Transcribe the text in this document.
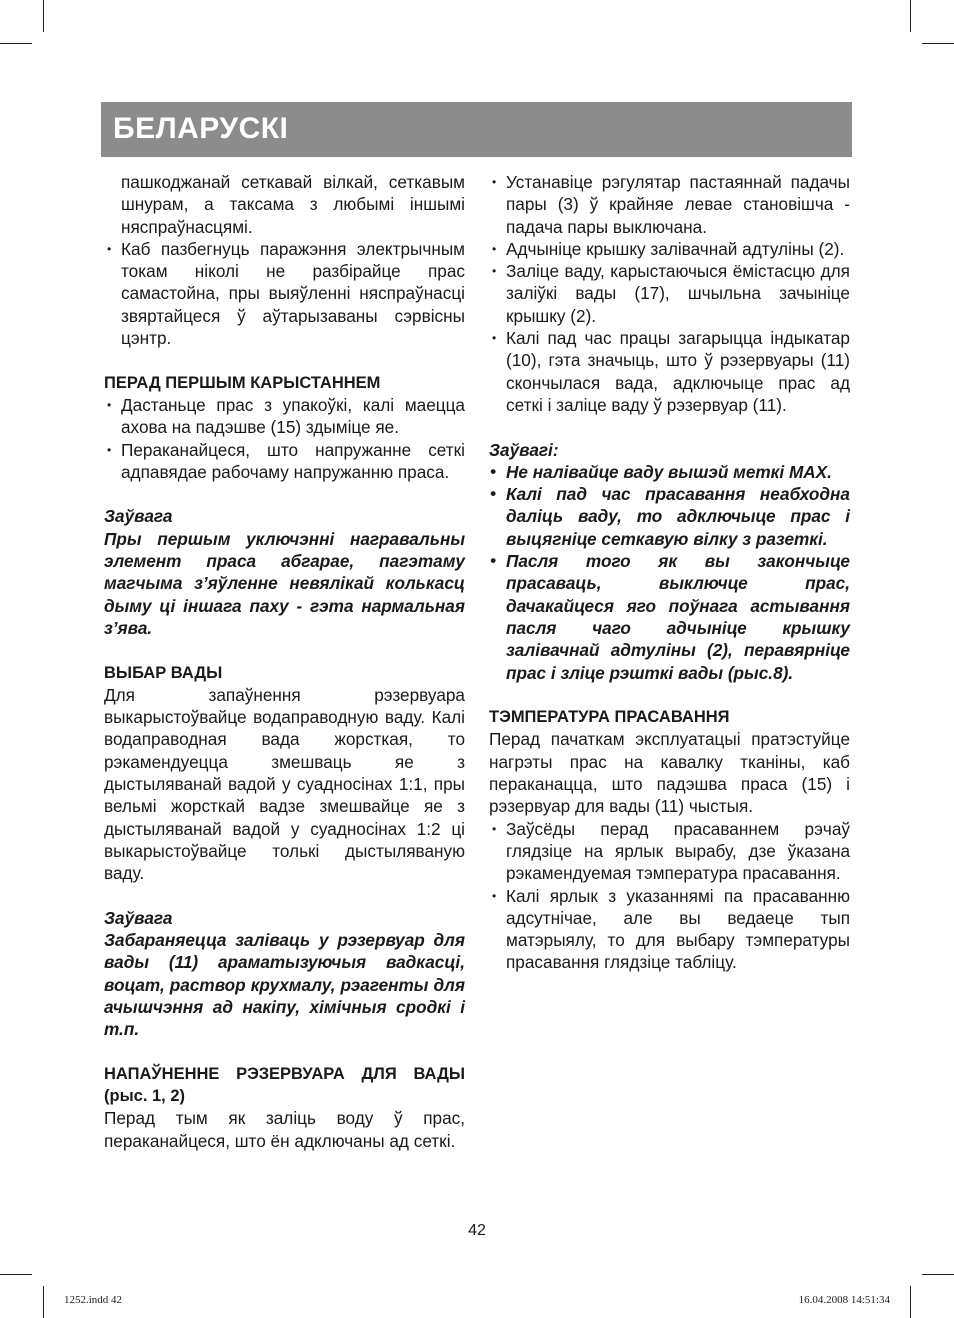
БЕЛАРУСКІ

пашкоджанай сеткавай вілкай, сеткавым шнурам, а таксама з любымі іншымі няспраўнасцямі.

• Каб пазбегнуць паражэння электрычным токам ніколі не разбірайце прас самастойна, пры выяўленні няспраўнасці звяртайцеся ў аўтарызаваны сэрвісны цэнтр.
ПЕРАД ПЕРШЫМ КАРЫСТАННЕМ
• Дастаньце прас з упакоўкі, калі маецца ахова на падэшве (15) здыміце яе.
• Пераканайцеся, што напружанне сеткі адпавядае рабочаму напружанню праса.

Заўвага

Пры першым уключэнні награвальны элемент праса абгарае, пагэтаму магчыма з’яўленне невялікай колькасц дыму ці іншага паху - гэта нармальная з’ява.

ВЫБАР ВАДЫ

Для запаўнення рэзервуара выкарыстоўвайце водаправодную ваду. Калі водаправодная вада жорсткая, то рэкамендуецца змешваць яе з дыстыляванай вадой у суадносінах 1:1, пры вельмі жорсткай вадзе змешвайце яе з дыстыляванай вадой у суадносінах 1:2 ці выкарыстоўвайце толькі дыстыляваную ваду.

Заўвага

Забараняецца заліваць у рэзервуар для вады (11) араматызуючыя вадкасці, воцат, раствор крухмалу, рэагенты для ачышчэння ад накіпу, хімічныя сродкі і т.п.

НАПАЎНЕННЕ РЭЗЕРВУАРА ДЛЯ ВАДЫ

(рыс. 1, 2)

Перад тым як заліць воду ў прас, пераканайцеся, што ён адключаны ад сеткі.

• Устанавіце рэгулятар пастаяннай падачы пары (3) ў крайняе левае становішча - падача пары выключана.
• Адчыніце крышку залівачнай адтуліны (2).
• Заліце ваду, карыстаючыся ёмістасцю для заліўкі вады (17), шчыльна зачыніце крышку (2).
• Калі пад час працы загарыцца індыкатар (10), гэта значыць, што ў рэзервуары (11) скончылася вада, адключыце прас ад сеткі і заліце ваду ў рэзервуар (11).

Заўвагі:

• Не налівайце ваду вышэй меткі MAX.
• Калі пад час прасавання неабходна даліць ваду, то адключыце прас і выцягніце сеткавую вілку з разеткі.
• Пасля того як вы закончыце прасаваць, выключце прас, дачакайцеся яго поўнага астывання пасля чаго адчыніце крышку залівачнай адтуліны (2), перавярніце прас і зліце рэшткі вады (рыс.8).
ТЭМПЕРАТУРА ПРАСАВАННЯ

Перад пачаткам эксплуатацыі пратэстуйце нагрэты прас на кавалку тканіны, каб пераканацца, што падэшва праса (15) і рэзервуар для вады (11) чыстыя.

• Заўсёды перад прасаваннем рэчаў глядзіце на ярлык вырабу, дзе ўказана рэкамендуемая тэмпература прасавання.
• Калі ярлык з указаннямі па прасаванню адсутнічае, але вы ведаеце тып матэрыялу, то для выбару тэмпературы прасавання глядзіце табліцу.
42
1252.indd 42	16.04.2008 14:51:34
